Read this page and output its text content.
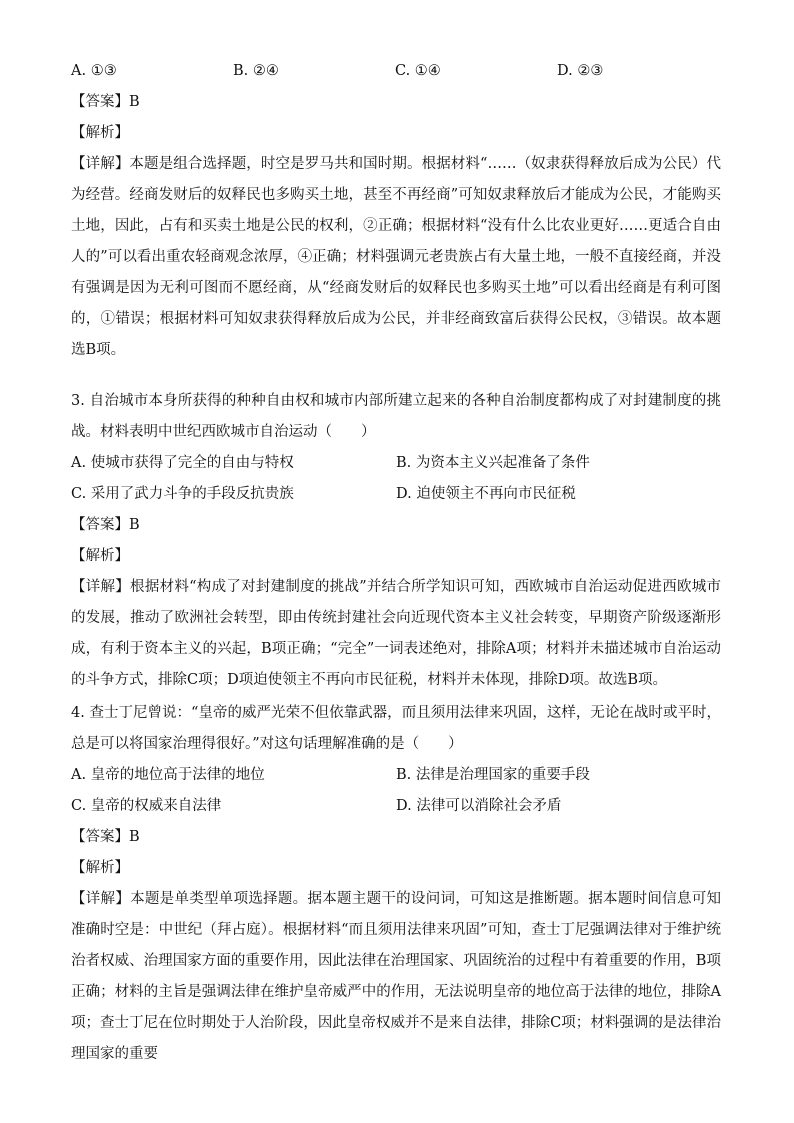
A. ①③	B. ②④	C. ①④	D. ②③
【答案】B
【解析】
【详解】本题是组合选择题，时空是罗马共和国时期。根据材料“……（奴隶获得释放后成为公民）代为经营。经商发财后的奴释民也多购买土地，甚至不再经商”可知奴隶释放后才能成为公民，才能购买土地，因此，占有和买卖土地是公民的权利，②正确；根据材料“没有什么比农业更好……更适合自由人的”可以看出重农轻商观念浓厚，④正确；材料强调元老贵族占有大量土地，一般不直接经商，并没有强调是因为无利可图而不愿经商，从“经商发财后的奴释民也多购买土地”可以看出经商是有利可图的，①错误；根据材料可知奴隶获得释放后成为公民，并非经商致富后获得公民权，③错误。故本题选B项。
3. 自治城市本身所获得的种种自由权和城市内部所建立起来的各种自治制度都构成了对封建制度的挑战。材料表明中世纪西欧城市自治运动（　　）
A. 使城市获得了完全的自由与特权	B. 为资本主义兴起准备了条件
C. 采用了武力斗争的手段反抗贵族	D. 迫使领主不再向市民征税
【答案】B
【解析】
【详解】根据材料“构成了对封建制度的挑战”并结合所学知识可知，西欧城市自治运动促进西欧城市的发展，推动了欧洲社会转型，即由传统封建社会向近现代资本主义社会转变，早期资产阶级逐渐形成，有利于资本主义的兴起，B项正确；“完全”一词表述绝对，排除A项；材料并未描述城市自治运动的斗争方式，排除C项；D项迫使领主不再向市民征税，材料并未体现，排除D项。故选B项。
4. 查士丁尼曾说：“皇帝的威严光荣不但依靠武器，而且须用法律来巩固，这样，无论在战时或平时，总是可以将国家治理得很好。”对这句话理解准确的是（　　）
A. 皇帝的地位高于法律的地位	B. 法律是治理国家的重要手段
C. 皇帝的权威来自法律	D. 法律可以消除社会矛盾
【答案】B
【解析】
【详解】本题是单类型单项选择题。据本题主题干的设问词，可知这是推断题。据本题时间信息可知准确时空是：中世纪（拜占庭）。根据材料“而且须用法律来巩固”可知，查士丁尼强调法律对于维护统治者权威、治理国家方面的重要作用，因此法律在治理国家、巩固统治的过程中有着重要的作用，B项正确；材料的主旨是强调法律在维护皇帝威严中的作用，无法说明皇帝的地位高于法律的地位，排除A项；查士丁尼在位时期处于人治阶段，因此皇帝权威并不是来自法律，排除C项；材料强调的是法律治理国家的重要
